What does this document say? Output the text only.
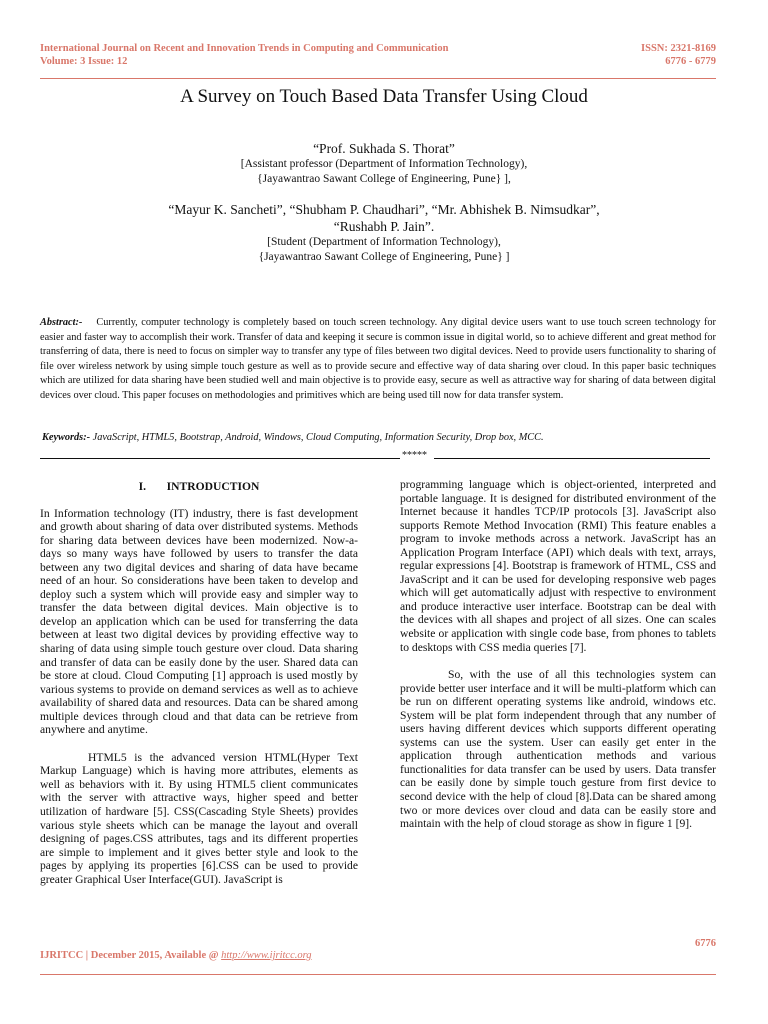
International Journal on Recent and Innovation Trends in Computing and Communication
Volume: 3 Issue: 12
ISSN: 2321-8169
6776 - 6779
A Survey on Touch Based Data Transfer Using Cloud
“Prof. Sukhada S. Thorat”
[Assistant professor (Department of Information Technology),
{Jayawantrao Sawant College of Engineering, Pune} ],
“Mayur K. Sancheti”, “Shubham P. Chaudhari”, “Mr. Abhishek B. Nimsudkar”,
“Rushabh P. Jain”.
[Student (Department of Information Technology),
{Jayawantrao Sawant College of Engineering, Pune} ]
Abstract:- Currently, computer technology is completely based on touch screen technology. Any digital device users want to use touch screen technology for easier and faster way to accomplish their work. Transfer of data and keeping it secure is common issue in digital world, so to achieve different and great method for transferring of data, there is need to focus on simpler way to transfer any type of files between two digital devices. Need to provide users functionality to sharing of file over wireless network by using simple touch gesture as well as to provide secure and effective way of data sharing over cloud. In this paper basic techniques which are utilized for data sharing have been studied well and main objective is to provide easy, secure as well as attractive way for sharing of data between digital devices over cloud. This paper focuses on methodologies and primitives which are being used till now for data transfer system.
Keywords:- JavaScript, HTML5, Bootstrap, Android, Windows, Cloud Computing, Information Security, Drop box, MCC.
*****
I. INTRODUCTION

In Information technology (IT) industry, there is fast development and growth about sharing of data over distributed systems. Methods for sharing data between devices have been modernized. Now-a-days so many ways have followed by users to transfer the data between any two digital devices and sharing of data have became need of an hour. So considerations have been taken to develop and deploy such a system which will provide easy and simpler way to transfer the data between digital devices. Main objective is to develop an application which can be used for transferring the data between at least two digital devices by providing effective way to sharing of data using simple touch gesture over cloud. Data sharing and transfer of data can be easily done by the user. Shared data can be store at cloud. Cloud Computing [1] approach is used mostly by various systems to provide on demand services as well as to achieve availability of shared data and resources. Data can be shared among multiple devices through cloud and that data can be retrieve from anywhere and anytime.

HTML5 is the advanced version HTML(Hyper Text Markup Language) which is having more attributes, elements as well as behaviors with it. By using HTML5 client communicates with the server with attractive ways, higher speed and better utilization of hardware [5]. CSS(Cascading Style Sheets) provides various style sheets which can be manage the layout and overall designing of pages.CSS attributes, tags and its different properties are simple to implement and it gives better style and look to the pages by applying its properties [6].CSS can be used to provide greater Graphical User Interface(GUI). JavaScript is

programming language which is object-oriented, interpreted and portable language. It is designed for distributed environment of the Internet because it handles TCP/IP protocols [3]. JavaScript also supports Remote Method Invocation (RMI) This feature enables a program to invoke methods across a network. JavaScript has an Application Program Interface (API) which deals with text, arrays, regular expressions [4]. Bootstrap is framework of HTML, CSS and JavaScript and it can be used for developing responsive web pages which will get automatically adjust with respective to environment and produce interactive user interface. Bootstrap can be deal with the devices with all shapes and project of all sizes. One can scales website or application with single code base, from phones to tablets to desktops with CSS media queries [7].

So, with the use of all this technologies system can provide better user interface and it will be multi-platform which can be run on different operating systems like android, windows etc. System will be plat form independent through that any number of users having different devices which supports different operating systems can use the system. User can easily get enter in the application through authentication methods and various functionalities for data transfer can be used by users. Data transfer can be easily done by simple touch gesture from first device to second device with the help of cloud [8].Data can be shared among two or more devices over cloud and data can be easily store and maintain with the help of cloud storage as show in figure 1 [9].

6776
IJRITCC | December 2015, Available @ http://www.ijritcc.org
